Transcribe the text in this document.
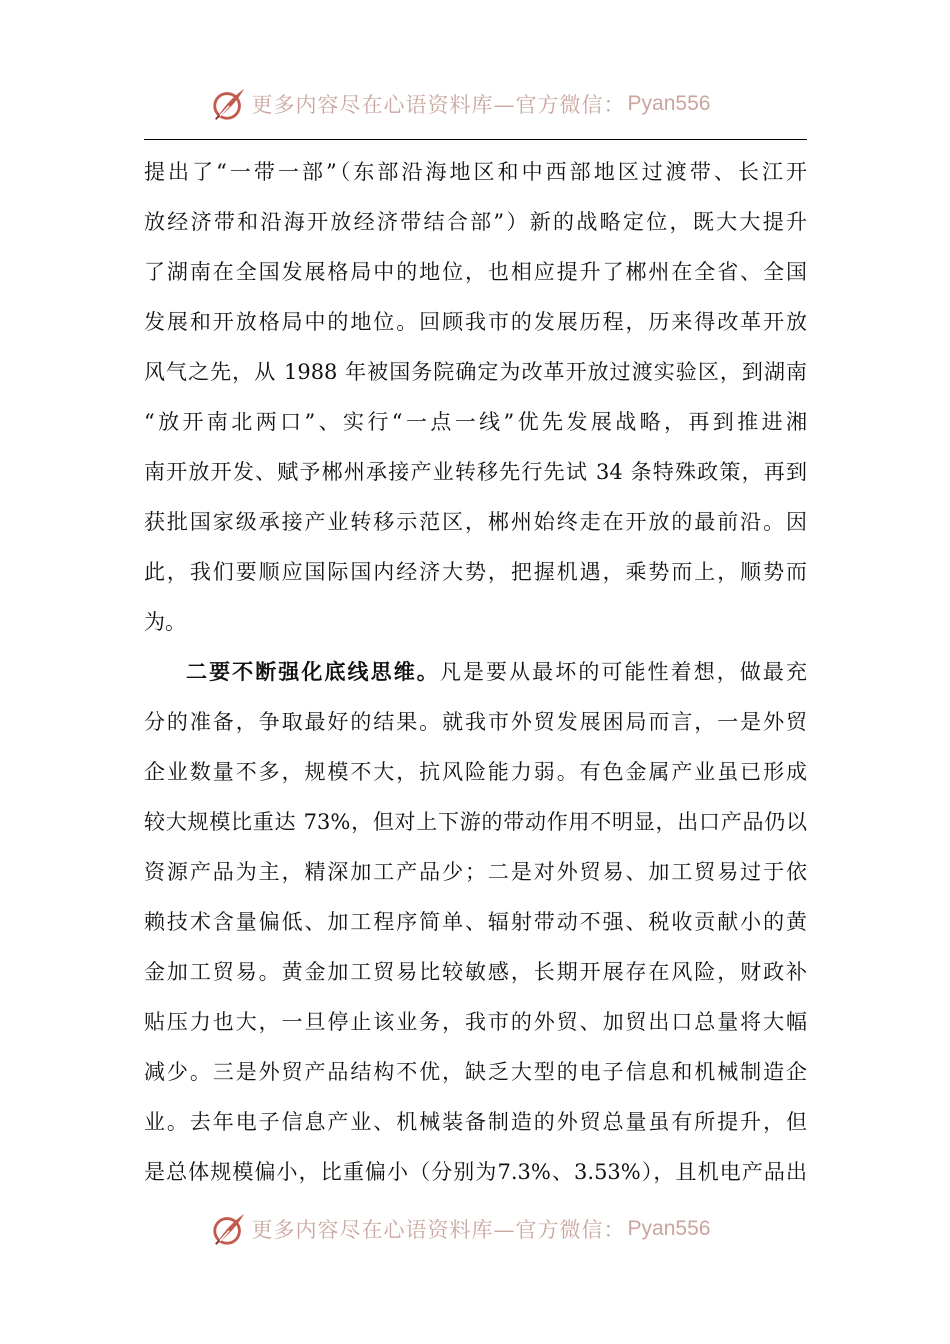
更多内容尽在心语资料库—官方微信： Pyan556
提出了“一带一部”（东部沿海地区和中西部地区过渡带、长江开
放经济带和沿海开放经济带结合部”）新的战略定位，既大大提升
了湖南在全国发展格局中的地位，也相应提升了郴州在全省、全国
发展和开放格局中的地位。回顾我市的发展历程，历来得改革开放
风气之先，从 1988 年被国务院确定为改革开放过渡实验区，到湖南
“放开南北两口”、实行“一点一线”优先发展战略，再到推进湘
南开放开发、赋予郴州承接产业转移先行先试 34 条特殊政策，再到
获批国家级承接产业转移示范区，郴州始终走在开放的最前沿。因
此，我们要顺应国际国内经济大势，把握机遇，乘势而上，顺势而
为。
二要不断强化底线思维。凡是要从最坏的可能性着想，做最充
分的准备，争取最好的结果。就我市外贸发展困局而言，一是外贸
企业数量不多，规模不大，抗风险能力弱。有色金属产业虽已形成
较大规模比重达 73%，但对上下游的带动作用不明显，出口产品仍以
资源产品为主，精深加工产品少；二是对外贸易、加工贸易过于依
赖技术含量偏低、加工程序简单、辐射带动不强、税收贡献小的黄
金加工贸易。黄金加工贸易比较敏感，长期开展存在风险，财政补
贴压力也大，一旦停止该业务，我市的外贸、加贸出口总量将大幅
减少。三是外贸产品结构不优，缺乏大型的电子信息和机械制造企
业。去年电子信息产业、机械装备制造的外贸总量虽有所提升，但
是总体规模偏小，比重偏小（分别为7.3%、3.53%），且机电产品出
更多内容尽在心语资料库—官方微信： Pyan556
